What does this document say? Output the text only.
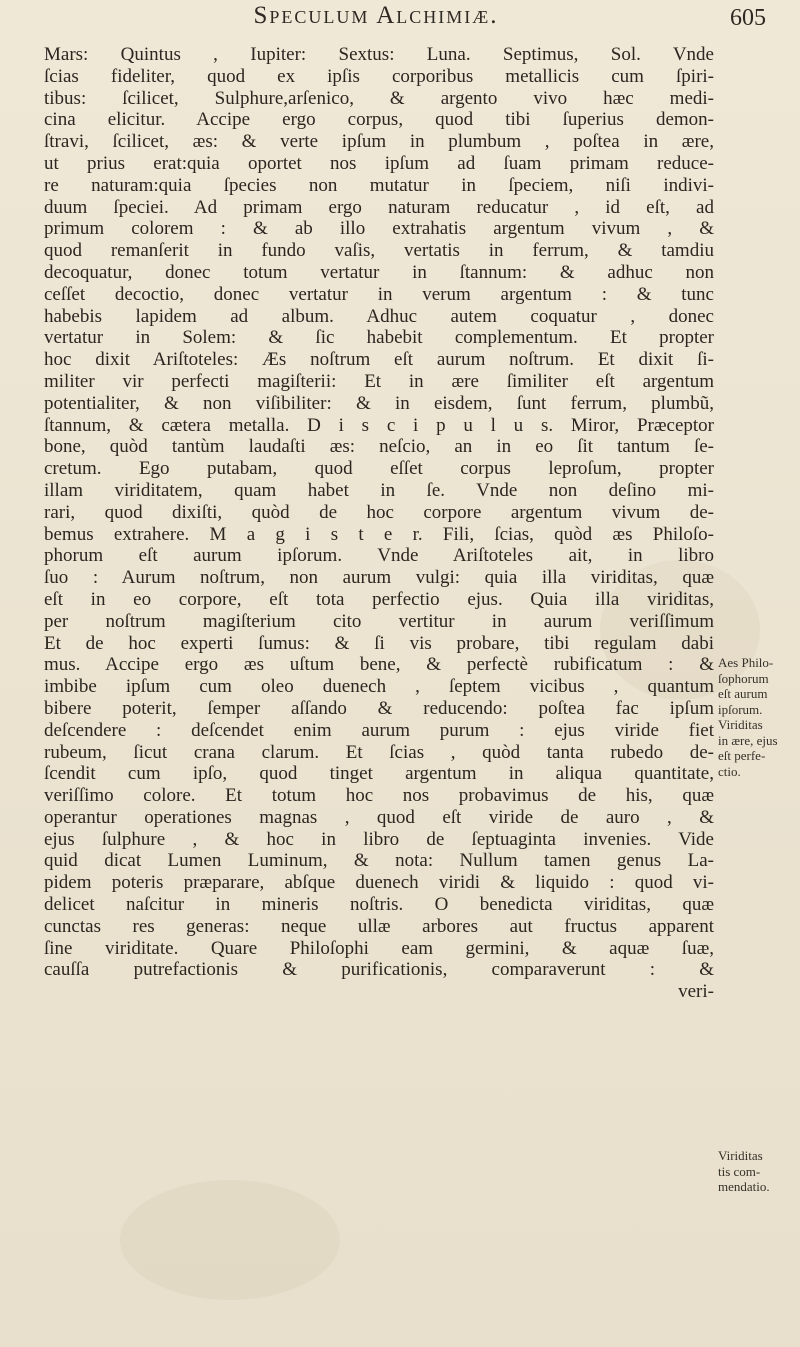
Speculum Alchimiæ.	605
Mars: Quintus , Iupiter: Sextus: Luna. Septimus, Sol. Vnde
ſcias fideliter, quod ex ipſis corporibus metallicis cum ſpiri-
tibus: ſcilicet, Sulphure,arſenico, & argento vivo hæc medi-
cina elicitur. Accipe ergo corpus, quod tibi ſuperius demon-
ſtravi, ſcilicet, æs: & verte ipſum in plumbum , poſtea in ære,
ut prius erat:quia oportet nos ipſum ad ſuam primam reduce-
re naturam:quia ſpecies non mutatur in ſpeciem, niſi indivi-
duum ſpeciei. Ad primam ergo naturam reducatur , id eſt, ad
primum colorem : & ab illo extrahatis argentum vivum , &
quod remanſerit in fundo vaſis, vertatis in ferrum, & tamdiu
decoquatur, donec totum vertatur in ſtannum: & adhuc non
ceſſet decoctio, donec vertatur in verum argentum : & tunc
habebis lapidem ad album. Adhuc autem coquatur , donec
vertatur in Solem: & ſic habebit complementum. Et propter
hoc dixit Ariſtoteles: Æs noſtrum eſt aurum noſtrum. Et dixit ſi-
militer vir perfecti magiſterii: Et in ære ſimiliter eſt argentum
potentialiter, & non viſibiliter: & in eisdem, ſunt ferrum, plumbũ,
ſtannum, & cætera metalla. D i s c i p u l u s. Miror, Præceptor
bone, quòd tantùm laudaſti æs: neſcio, an in eo ſit tantum ſe-
cretum. Ego putabam, quod eſſet corpus leproſum, propter
illam viriditatem, quam habet in ſe. Vnde non deſino mi-
rari, quod dixiſti, quòd de hoc corpore argentum vivum de-
bemus extrahere. M a g i s t e r. Fili, ſcias, quòd æs Philoſo-
phorum eſt aurum ipſorum. Vnde Ariſtoteles ait, in libro
ſuo : Aurum noſtrum, non aurum vulgi: quia illa viriditas, quæ
eſt in eo corpore, eſt tota perfectio ejus. Quia illa viriditas,
per noſtrum magiſterium cito vertitur in aurum veriſſimum
Et de hoc experti ſumus: & ſi vis probare, tibi regulam dabi
mus. Accipe ergo æs uſtum bene, & perfectè rubificatum : &
imbibe ipſum cum oleo duenech , ſeptem vicibus , quantum
bibere poterit, ſemper aſſando & reducendo: poſtea fac ipſum
deſcendere : deſcendet enim aurum purum : ejus viride fiet
rubeum, ſicut crana clarum. Et ſcias , quòd tanta rubedo de-
ſcendit cum ipſo, quod tinget argentum in aliqua quantitate,
veriſſimo colore. Et totum hoc nos probavimus de his, quæ
operantur operationes magnas , quod eſt viride de auro , &
ejus ſulphure , & hoc in libro de ſeptuaginta invenies. Vide
quid dicat Lumen Luminum, & nota: Nullum tamen genus La-
pidem poteris præparare, abſque duenech viridi & liquido : quod vi-
delicet naſcitur in mineris noſtris. O benedicta viriditas, quæ
cunctas res generas: neque ullæ arbores aut fructus apparent
ſine viriditate. Quare Philoſophi eam germini, & aquæ ſuæ,
cauſſa putrefactionis & purificationis, comparaverunt : &
veri-
Aes Philo-
ſophorum
eſt aurum
ipſorum.
Viriditas
in ære, ejus
eſt perfe-
ctio.
Viriditas
tis com-
mendatio.
